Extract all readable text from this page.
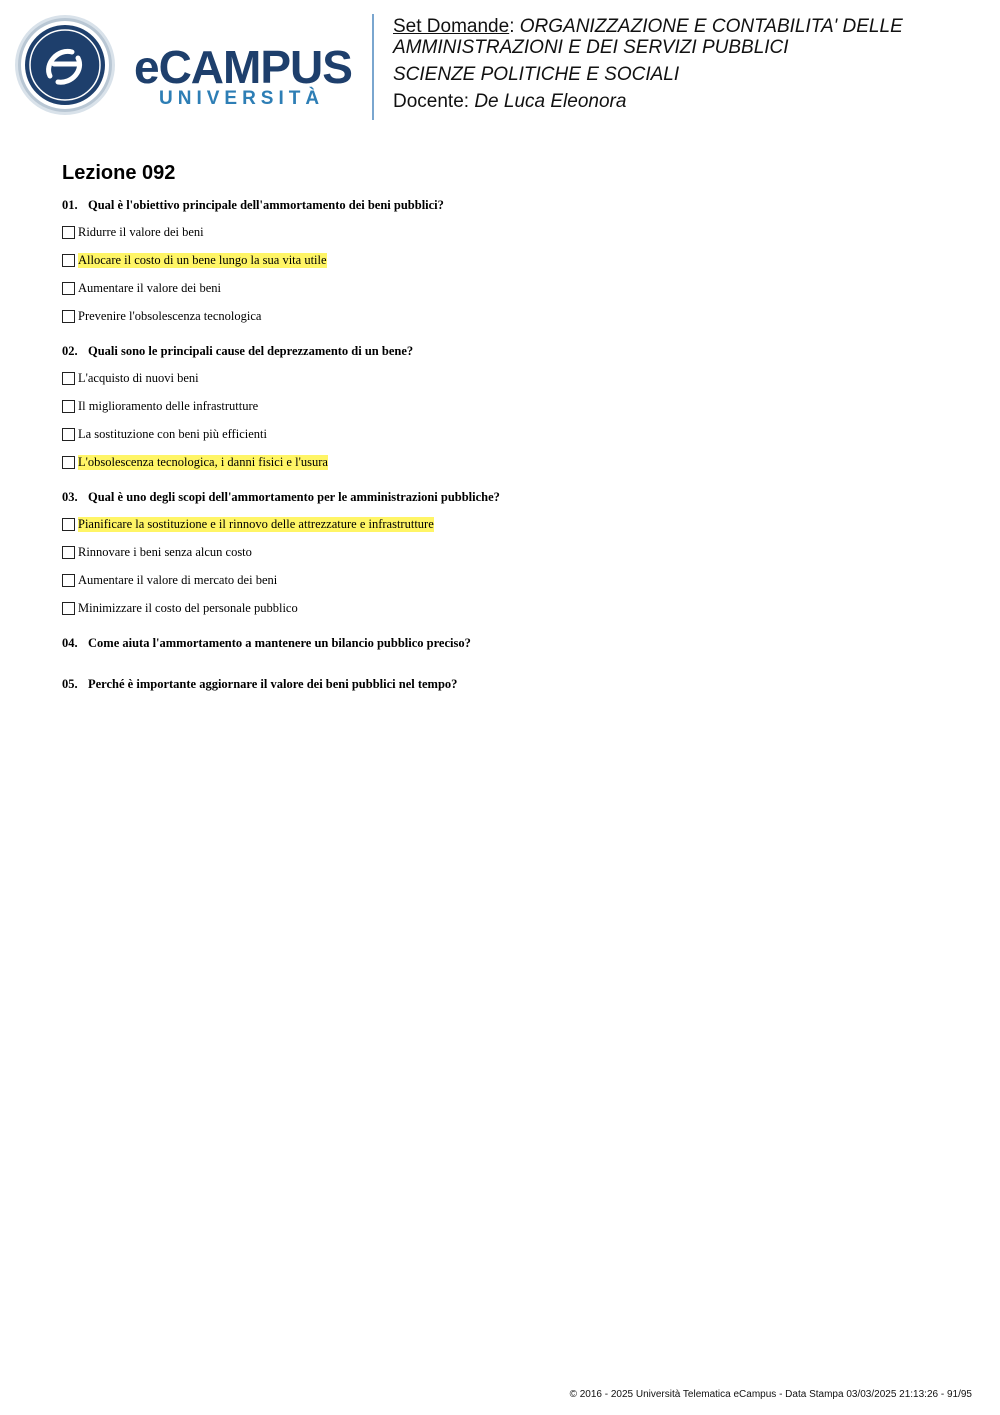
eCAMPUS
UNIVERSITÀ
Set Domande: ORGANIZZAZIONE E CONTABILITA' DELLE AMMINISTRAZIONI E DEI SERVIZI PUBBLICI
SCIENZE POLITICHE E SOCIALI
Docente: De Luca Eleonora
Lezione 092
01. Qual è l'obiettivo principale dell'ammortamento dei beni pubblici?
Ridurre il valore dei beni
Allocare il costo di un bene lungo la sua vita utile
Aumentare il valore dei beni
Prevenire l'obsolescenza tecnologica
02. Quali sono le principali cause del deprezzamento di un bene?
L'acquisto di nuovi beni
Il miglioramento delle infrastrutture
La sostituzione con beni più efficienti
L'obsolescenza tecnologica, i danni fisici e l'usura
03. Qual è uno degli scopi dell'ammortamento per le amministrazioni pubbliche?
Pianificare la sostituzione e il rinnovo delle attrezzature e infrastrutture
Rinnovare i beni senza alcun costo
Aumentare il valore di mercato dei beni
Minimizzare il costo del personale pubblico
04. Come aiuta l'ammortamento a mantenere un bilancio pubblico preciso?
05. Perché è importante aggiornare il valore dei beni pubblici nel tempo?
© 2016 - 2025 Università Telematica eCampus - Data Stampa 03/03/2025 21:13:26 - 91/95
